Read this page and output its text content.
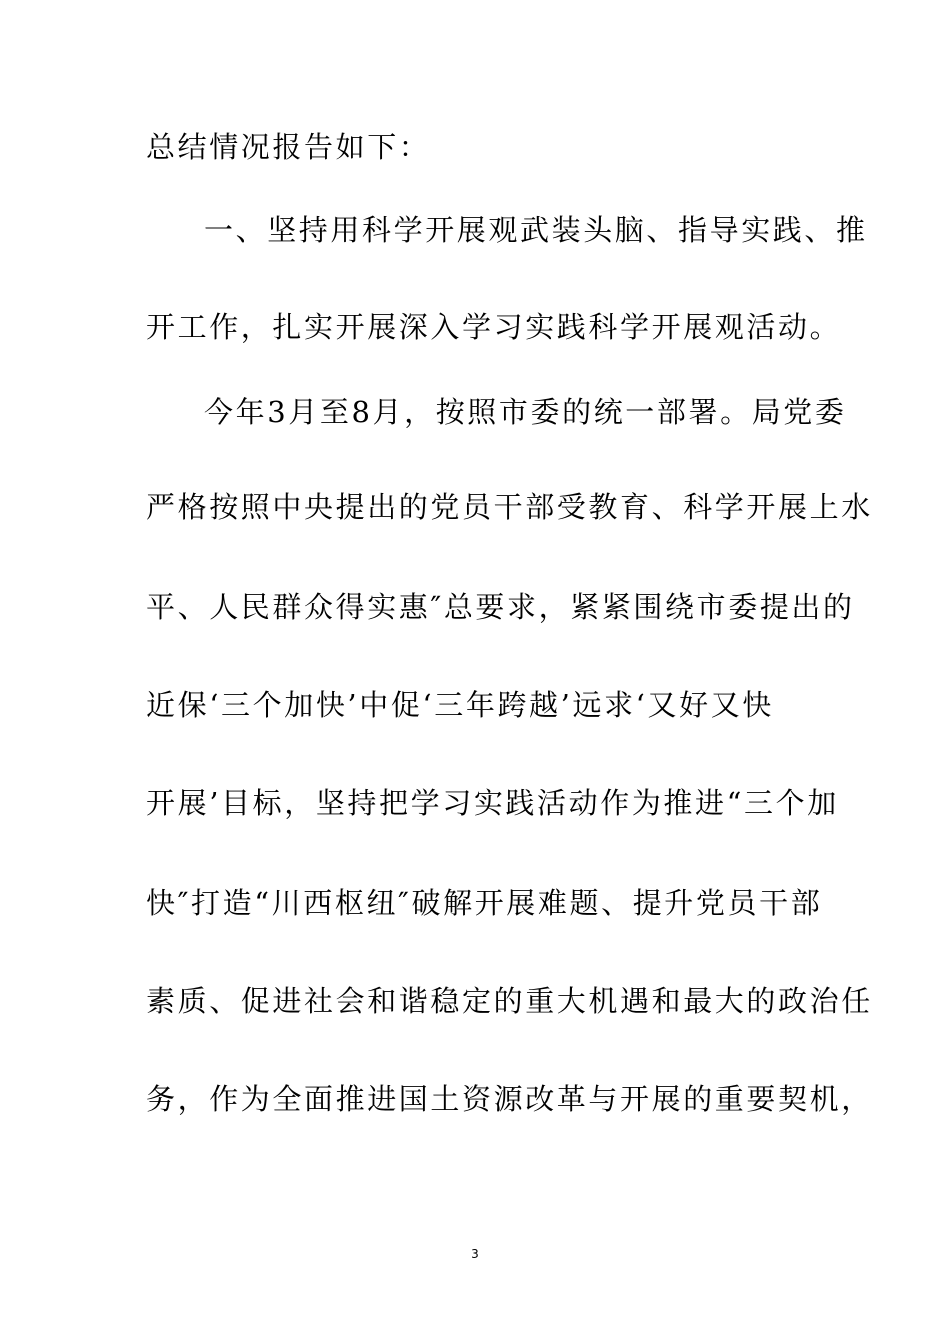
总结情况报告如下：
一、坚持用科学开展观武装头脑、指导实践、推
开工作，扎实开展深入学习实践科学开展观活动。
今年3月至8月，按照市委的统一部署。局党委
严格按照中央提出的党员干部受教育、科学开展上水
平、人民群众得实惠″总要求，紧紧围绕市委提出的
近保‘三个加快’中促‘三年跨越’远求‘又好又快
开展’目标，坚持把学习实践活动作为推进“三个加
快″打造“川西枢纽″破解开展难题、提升党员干部
素质、促进社会和谐稳定的重大机遇和最大的政治任
务，作为全面推进国土资源改革与开展的重要契机，
3
